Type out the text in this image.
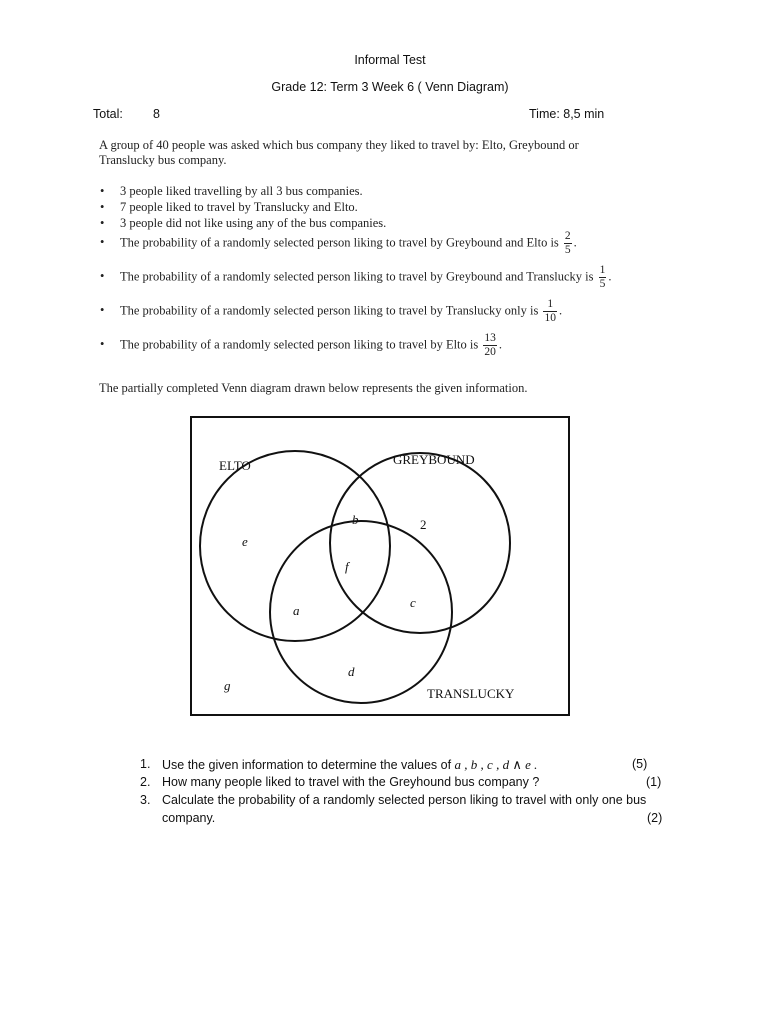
Informal Test
Grade 12: Term 3 Week 6 ( Venn Diagram)
Total: 8	Time: 8,5 min
A group of 40 people was asked which bus company they liked to travel by: Elto, Greybound or
Translucky bus company.
• 3 people liked travelling by all 3 bus companies.
• 7 people liked to travel by Translucky and Elto.
• 3 people did not like using any of the bus companies.
• The probability of a randomly selected person liking to travel by Greybound and Elto is $\frac{2}{5}$ .
• The probability of a randomly selected person liking to travel by Greybound and Translucky is $\frac{1}{5}$ .
• The probability of a randomly selected person liking to travel by Translucky only is $\frac{1}{10}$ .
• The probability of a randomly selected person liking to travel by Elto is $\frac{13}{20}$ .
The partially completed Venn diagram drawn below represents the given information.
ELTO	GREYBOUND
TRANSLUCKY
e
b	2
f
a
c
d
g
1. Use the given information to determine the values of a , b , c , d ∧ e .	(5)
2. How many people liked to travel with the Greyhound bus company ?	(1)
3. Calculate the probability of a randomly selected person liking to travel with only one bus
company.	(2)
